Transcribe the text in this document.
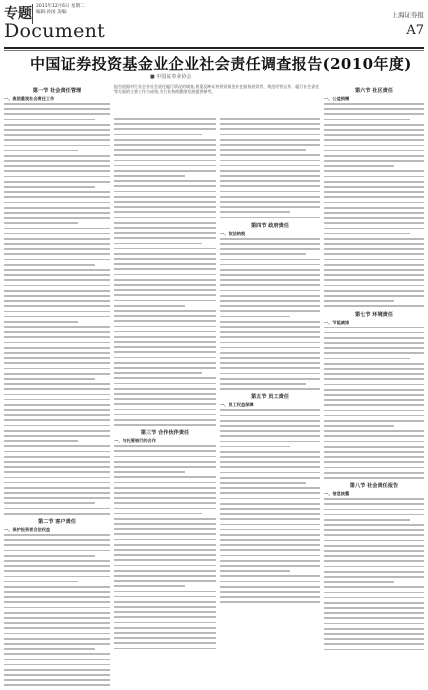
专题 2011年12月6日 星期二
编辑:孙国 美编:
Document
上海证券报
A7
中国证券投资基金业企业社会责任调查报告(2010年度)
■ 中国证券业协会
第一节 社会责任管理
一、高层重视社会责任工作
第二节 客户责任
一、保护投资者合法权益
报告依据对行业企业社会责任履行情况的调查,着重反映证券投资基金业在服务投资者、规范经营运作、履行社会责任等方面的主要工作与成效,为行业持续健康发展提供参考。
第三节 合作伙伴责任
一、与托管银行的合作
第四节 政府责任
一、依法纳税
第五节 员工责任
一、员工权益保障
第六节 社区责任
一、公益捐赠
第七节 环境责任
一、节能减排
第八节 社会责任报告
一、信息披露
